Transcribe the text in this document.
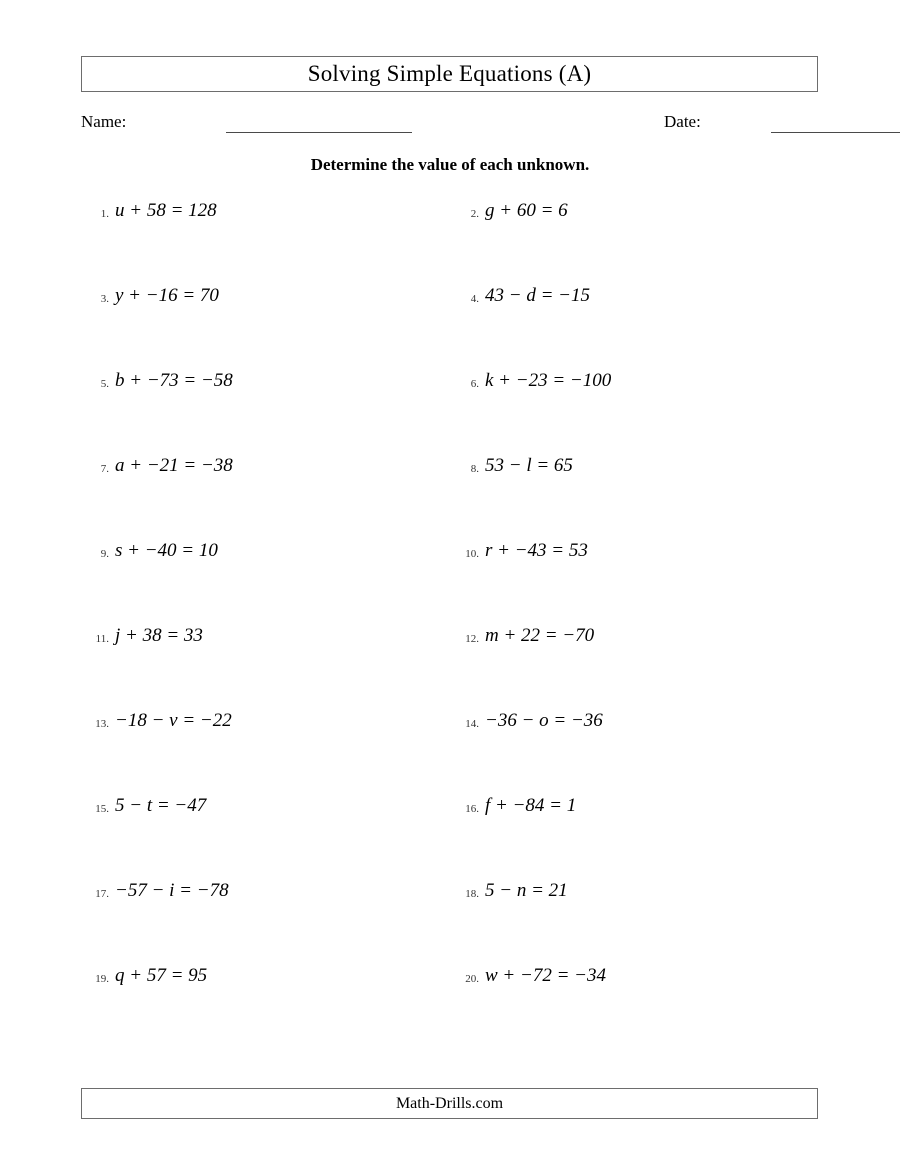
Solving Simple Equations (A)
Name:	Date:
Determine the value of each unknown.
1. u + 58 = 128	2. g + 60 = 6
3. y + −16 = 70	4. 43 − d = −15
5. b + −73 = −58	6. k + −23 = −100
7. a + −21 = −38	8. 53 − l = 65
9. s + −40 = 10	10. r + −43 = 53
11. j + 38 = 33	12. m + 22 = −70
13. −18 − v = −22	14. −36 − o = −36
15. 5 − t = −47	16. f + −84 = 1
17. −57 − i = −78	18. 5 − n = 21
19. q + 57 = 95	20. w + −72 = −34
Math-Drills.com
